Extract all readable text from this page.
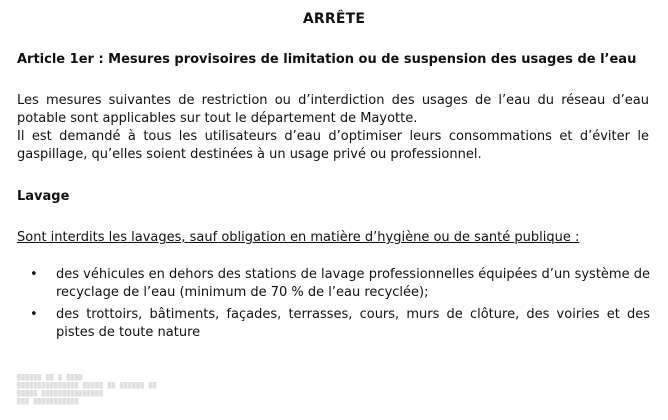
ARRÊTE
Article 1er : Mesures provisoires de limitation ou de suspension des usages de l’eau
Les mesures suivantes de restriction ou d’interdiction des usages de l’eau du réseau d’eau potable sont applicables sur tout le département de Mayotte.
Il est demandé à tous les utilisateurs d’eau d’optimiser leurs consommations et d’éviter le gaspillage, qu’elles soient destinées à un usage privé ou professionnel.
Lavage
Sont interdits les lavages, sauf obligation en matière d’hygiène ou de santé publique :
• des véhicules en dehors des stations de lavage professionnelles équipées d’un système de recyclage de l’eau (minimum de 70 % de l’eau recyclée);
• des trottoirs, bâtiments, façades, terrasses, cours, murs de clôture, des voiries et des pistes de toute nature
▒▒▒▒▒▒ ▒▒ ▒ ▒▒▒▒
▒▒▒▒▒▒▒▒▒▒▒▒▒▒▒ ▒▒▒▒▒ ▒▒ ▒▒▒▒▒▒ ▒▒
▒▒▒▒▒ ▒▒▒▒▒▒▒▒▒▒▒▒▒▒▒
▒▒▒ ▒▒▒▒▒▒▒▒▒▒▒
